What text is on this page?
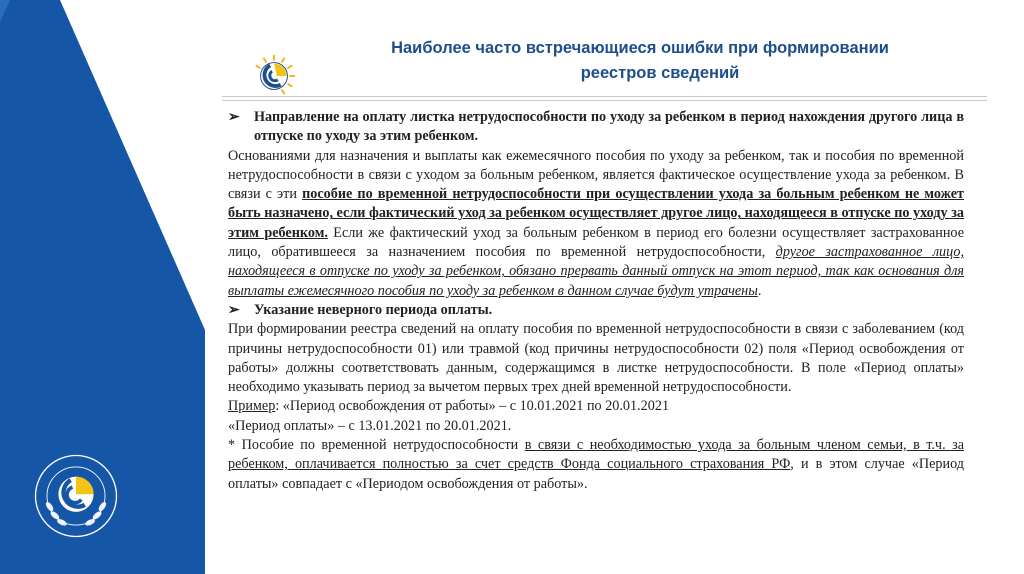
Наиболее часто встречающиеся ошибки при формировании
реестров сведений
➢ Направление на оплату листка нетрудоспособности по уходу за ребенком в период нахождения другого лица в отпуске по уходу за этим ребенком.

Основаниями для назначения и выплаты как ежемесячного пособия по уходу за ребенком, так и пособия по временной нетрудоспособности в связи с уходом за больным ребенком, является фактическое осуществление ухода за ребенком. В связи с эти пособие по временной нетрудоспособности при осуществлении ухода за больным ребенком не может быть назначено, если фактический уход за ребенком осуществляет другое лицо, находящееся в отпуске по уходу за этим ребенком. Если же фактический уход за больным ребенком в период его болезни осуществляет застрахованное лицо, обратившееся за назначением пособия по временной нетрудоспособности, другое застрахованное лицо, находящееся в отпуске по уходу за ребенком, обязано прервать данный отпуск на этот период, так как основания для выплаты ежемесячного пособия по уходу за ребенком в данном случае будут утрачены.

➢ Указание неверного периода оплаты.

При формировании реестра сведений на оплату пособия по временной нетрудоспособности в связи с заболеванием (код причины нетрудоспособности 01) или травмой (код причины нетрудоспособности 02) поля «Период освобождения от работы» должны соответствовать данным, содержащимся в листке нетрудоспособности. В поле «Период оплаты» необходимо указывать период за вычетом первых трех дней временной нетрудоспособности.

Пример: «Период освобождения от работы» – с 10.01.2021 по 20.01.2021

«Период оплаты» – с 13.01.2021 по 20.01.2021.

* Пособие по временной нетрудоспособности в связи с необходимостью ухода за больным членом семьи, в т.ч. за ребенком, оплачивается полностью за счет средств Фонда социального страхования РФ, и в этом случае «Период оплаты» совпадает с «Периодом освобождения от работы».
